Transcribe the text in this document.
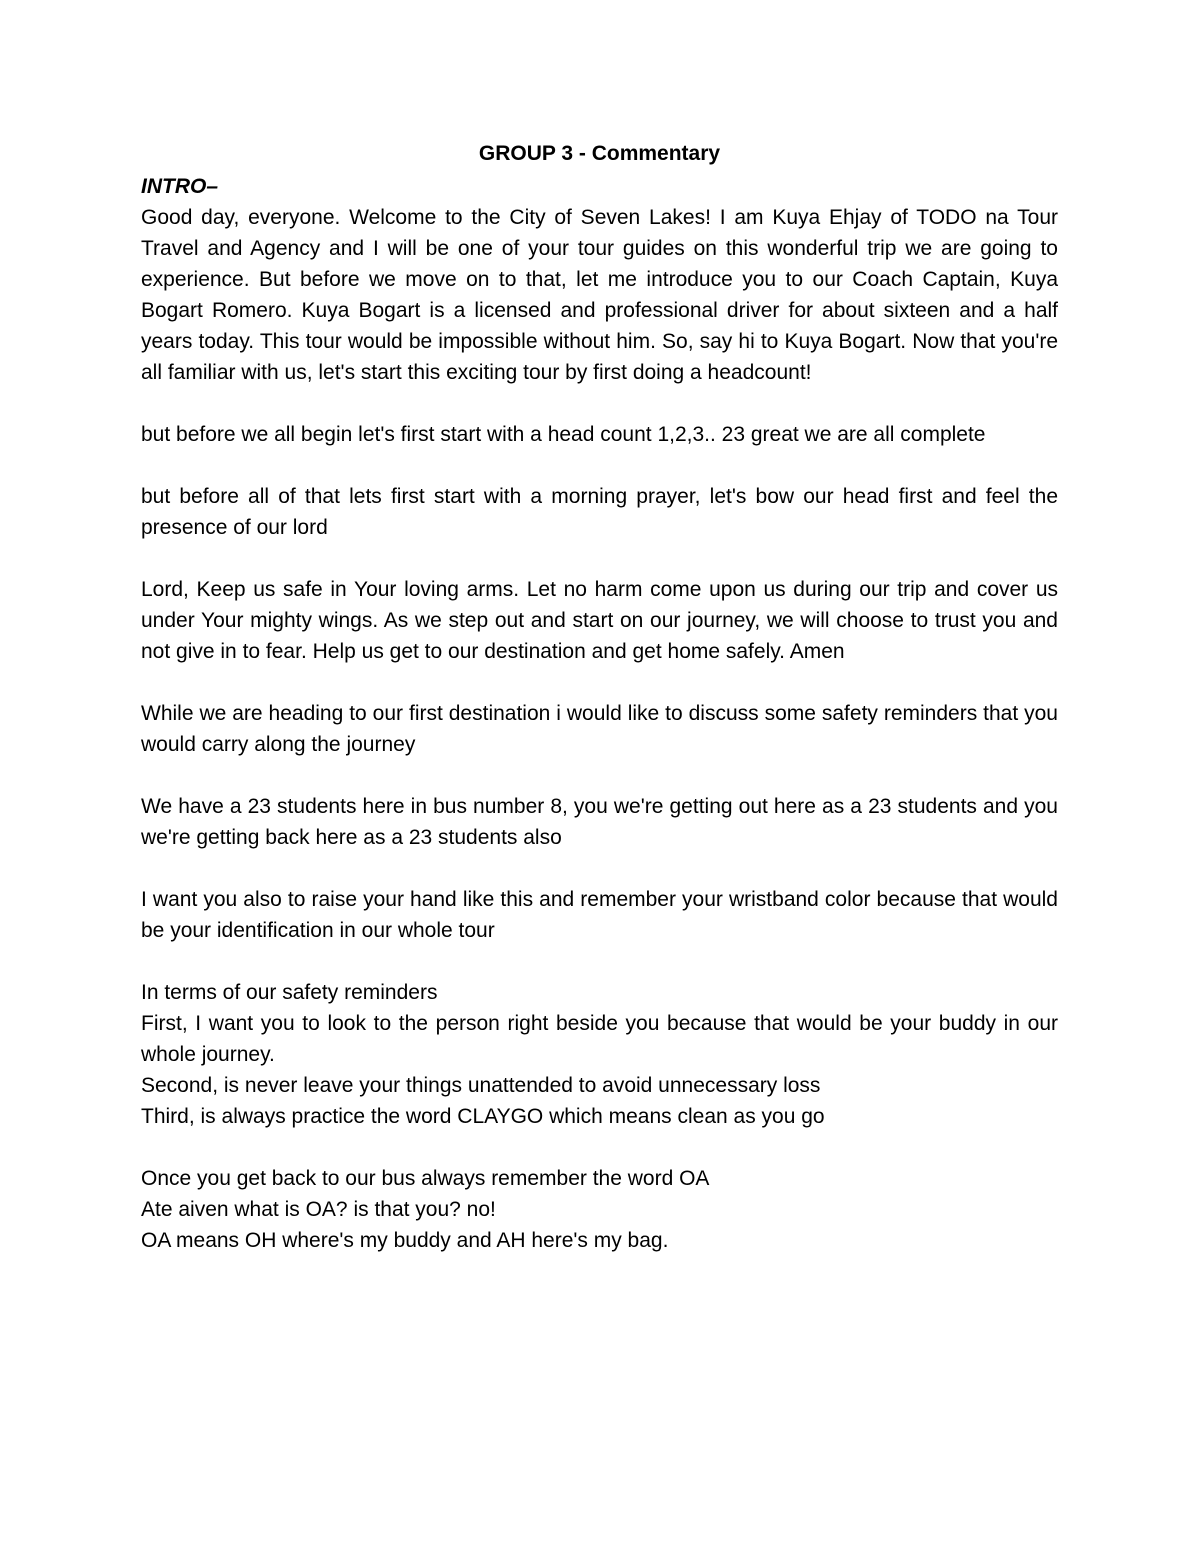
GROUP 3 - Commentary

INTRO–

Good day, everyone. Welcome to the City of Seven Lakes! I am Kuya Ehjay of TODO na Tour Travel and Agency and I will be one of your tour guides on this wonderful trip we are going to experience. But before we move on to that, let me introduce you to our Coach Captain, Kuya Bogart Romero. Kuya Bogart is a licensed and professional driver for about sixteen and a half years today. This tour would be impossible without him. So, say hi to Kuya Bogart. Now that you're all familiar with us, let's start this exciting tour by first doing a headcount!

but before we all begin let's first start with a head count 1,2,3.. 23 great we are all complete

but before all of that lets first start with a morning prayer, let's bow our head first and feel the presence of our lord

Lord, Keep us safe in Your loving arms. Let no harm come upon us during our trip and cover us under Your mighty wings. As we step out and start on our journey, we will choose to trust you and not give in to fear. Help us get to our destination and get home safely. Amen

While we are heading to our first destination i would like to discuss some safety reminders that you would carry along the journey

We have a 23 students here in bus number 8, you we're getting out here as a 23 students and you we're getting back here as a 23 students also

I want you also to raise your hand like this and remember your wristband color because that would be your identification in our whole tour

In terms of our safety reminders

First, I want you to look to the person right beside you because that would be your buddy in our whole journey.

Second, is never leave your things unattended to avoid unnecessary loss

Third, is always practice the word CLAYGO which means clean as you go

Once you get back to our bus always remember the word OA

Ate aiven what is OA? is that you? no!

OA means OH where's my buddy and AH here's my bag.
